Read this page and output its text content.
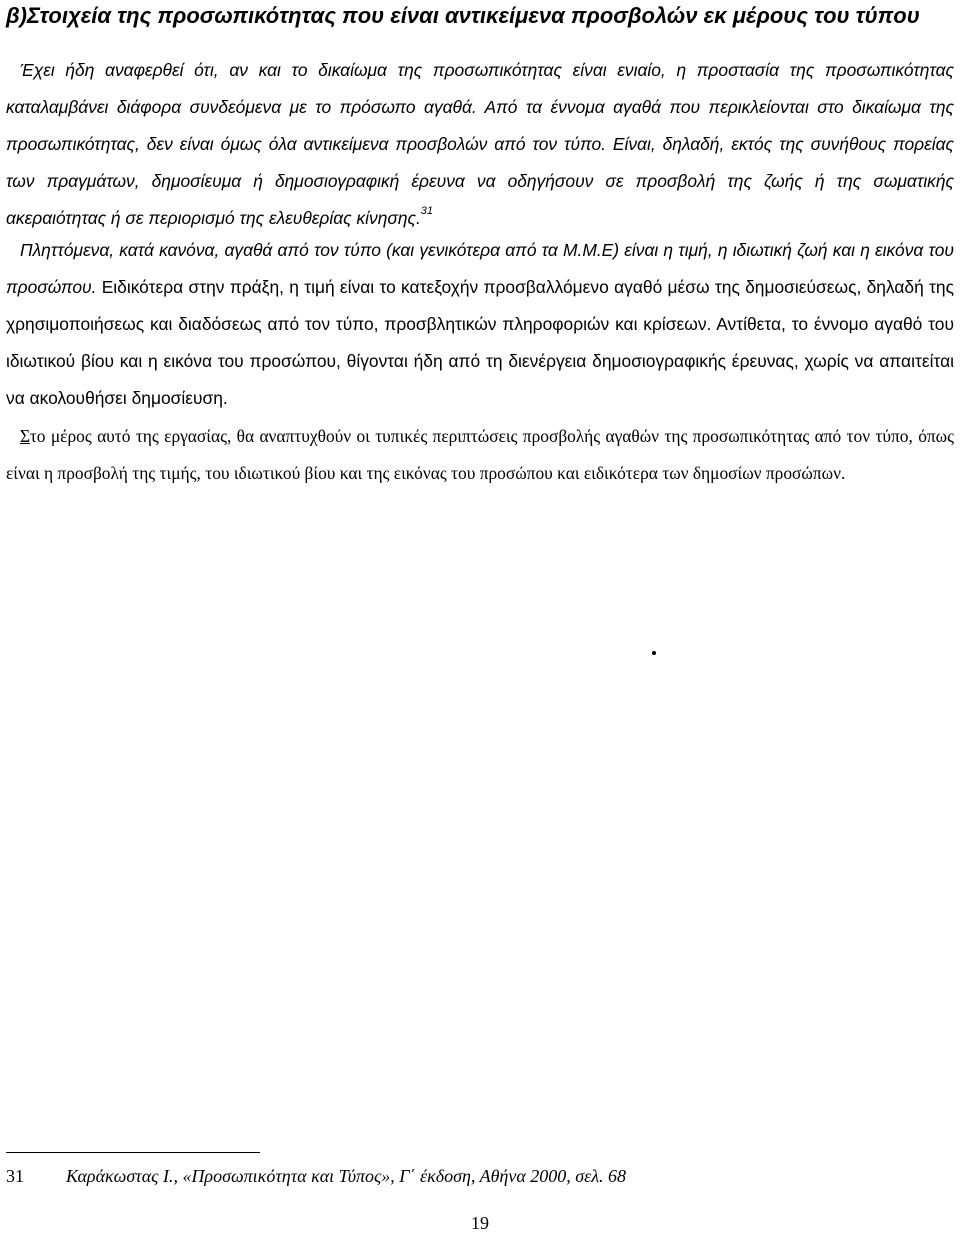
β)Στοιχεία της προσωπικότητας που είναι αντικείμενα προσβολών εκ μέρους του τύπου
Έχει ήδη αναφερθεί ότι, αν και το δικαίωμα της προσωπικότητας είναι ενιαίο, η προστασία της προσωπικότητας καταλαμβάνει διάφορα συνδεόμενα με το πρόσωπο αγαθά. Από τα έννομα αγαθά που περικλείονται στο δικαίωμα της προσωπικότητας, δεν είναι όμως όλα αντικείμενα προσβολών από τον τύπο. Είναι, δηλαδή, εκτός της συνήθους πορείας των πραγμάτων, δημοσίευμα ή δημοσιογραφική έρευνα να οδηγήσουν σε προσβολή της ζωής ή της σωματικής ακεραιότητας ή σε περιορισμό της ελευθερίας κίνησης.$^{31}$
Πληττόμενα, κατά κανόνα, αγαθά από τον τύπο (και γενικότερα από τα Μ.Μ.Ε) είναι η τιμή, η ιδιωτική ζωή και η εικόνα του προσώπου. Ειδικότερα στην πράξη, η τιμή είναι το κατεξοχήν προσβαλλόμενο αγαθό μέσω της δημοσιεύσεως, δηλαδή της χρησιμοποιήσεως και διαδόσεως από τον τύπο, προσβλητικών πληροφοριών και κρίσεων. Αντίθετα, το έννομο αγαθό του ιδιωτικού βίου και η εικόνα του προσώπου, θίγονται ήδη από τη διενέργεια δημοσιογραφικής έρευνας, χωρίς να απαιτείται να ακολουθήσει δημοσίευση.
Στο μέρος αυτό της εργασίας, θα αναπτυχθούν οι τυπικές περιπτώσεις προσβολής αγαθών της προσωπικότητας από τον τύπο, όπως είναι η προσβολή της τιμής, του ιδιωτικού βίου και της εικόνας του προσώπου και ειδικότερα των δημοσίων προσώπων.
31 Καράκωστας Ι., «Προσωπικότητα και Τύπος», Γ΄ έκδοση, Αθήνα 2000, σελ. 68
19
